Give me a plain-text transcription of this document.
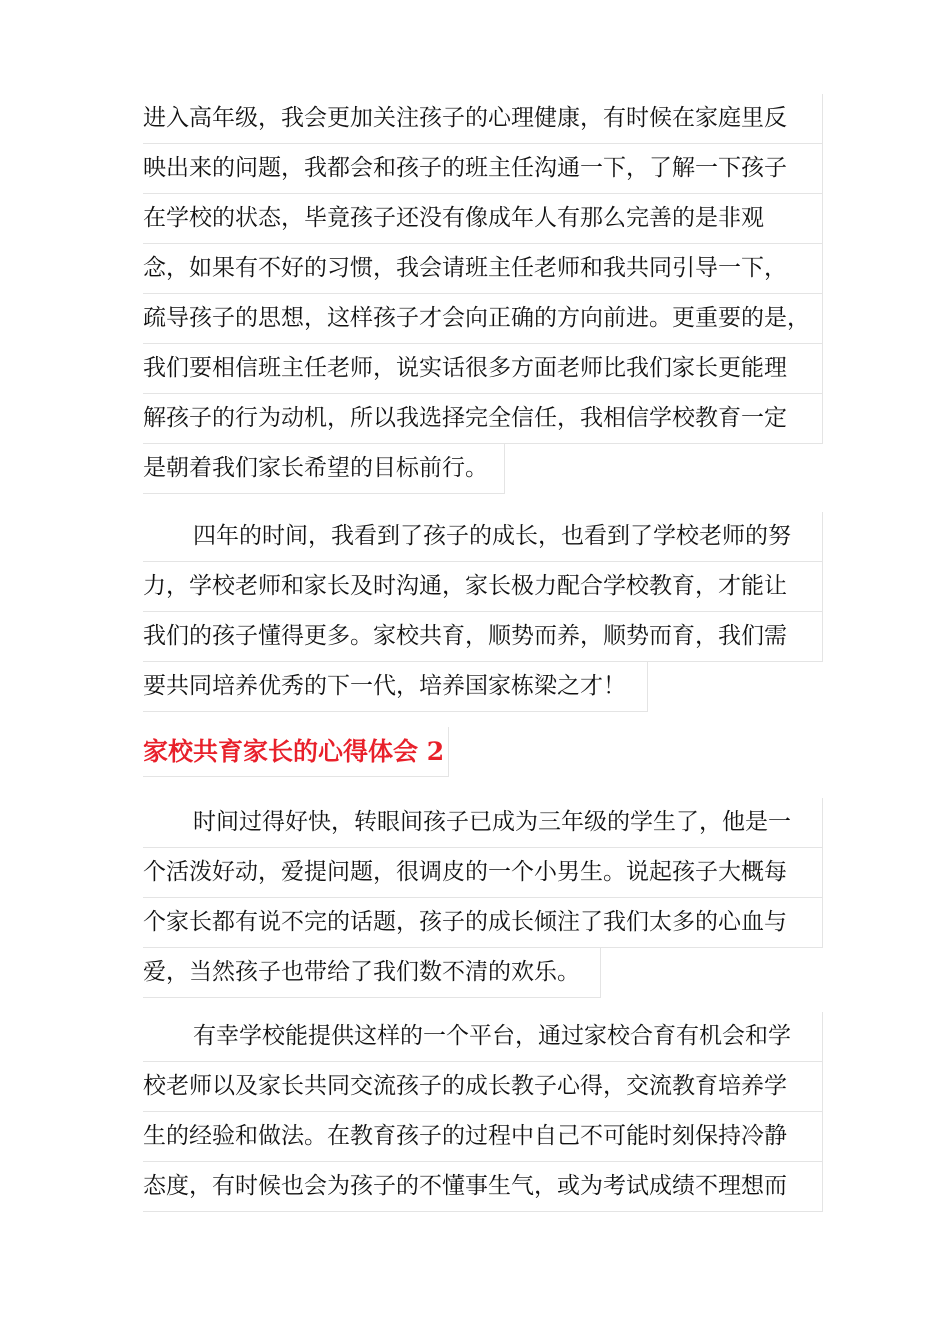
进入高年级，我会更加关注孩子的心理健康，有时候在家庭里反
映出来的问题，我都会和孩子的班主任沟通一下，了解一下孩子
在学校的状态，毕竟孩子还没有像成年人有那么完善的是非观
念，如果有不好的习惯，我会请班主任老师和我共同引导一下，
疏导孩子的思想，这样孩子才会向正确的方向前进。更重要的是，
我们要相信班主任老师，说实话很多方面老师比我们家长更能理
解孩子的行为动机，所以我选择完全信任，我相信学校教育一定
是朝着我们家长希望的目标前行。
四年的时间，我看到了孩子的成长，也看到了学校老师的努
力，学校老师和家长及时沟通，家长极力配合学校教育，才能让
我们的孩子懂得更多。家校共育，顺势而养，顺势而育，我们需
要共同培养优秀的下一代，培养国家栋梁之才！
家校共育家长的心得体会 2
时间过得好快，转眼间孩子已成为三年级的学生了，他是一
个活泼好动，爱提问题，很调皮的一个小男生。说起孩子大概每
个家长都有说不完的话题，孩子的成长倾注了我们太多的心血与
爱，当然孩子也带给了我们数不清的欢乐。
有幸学校能提供这样的一个平台，通过家校合育有机会和学
校老师以及家长共同交流孩子的成长教子心得，交流教育培养学
生的经验和做法。在教育孩子的过程中自己不可能时刻保持冷静
态度，有时候也会为孩子的不懂事生气，或为考试成绩不理想而
